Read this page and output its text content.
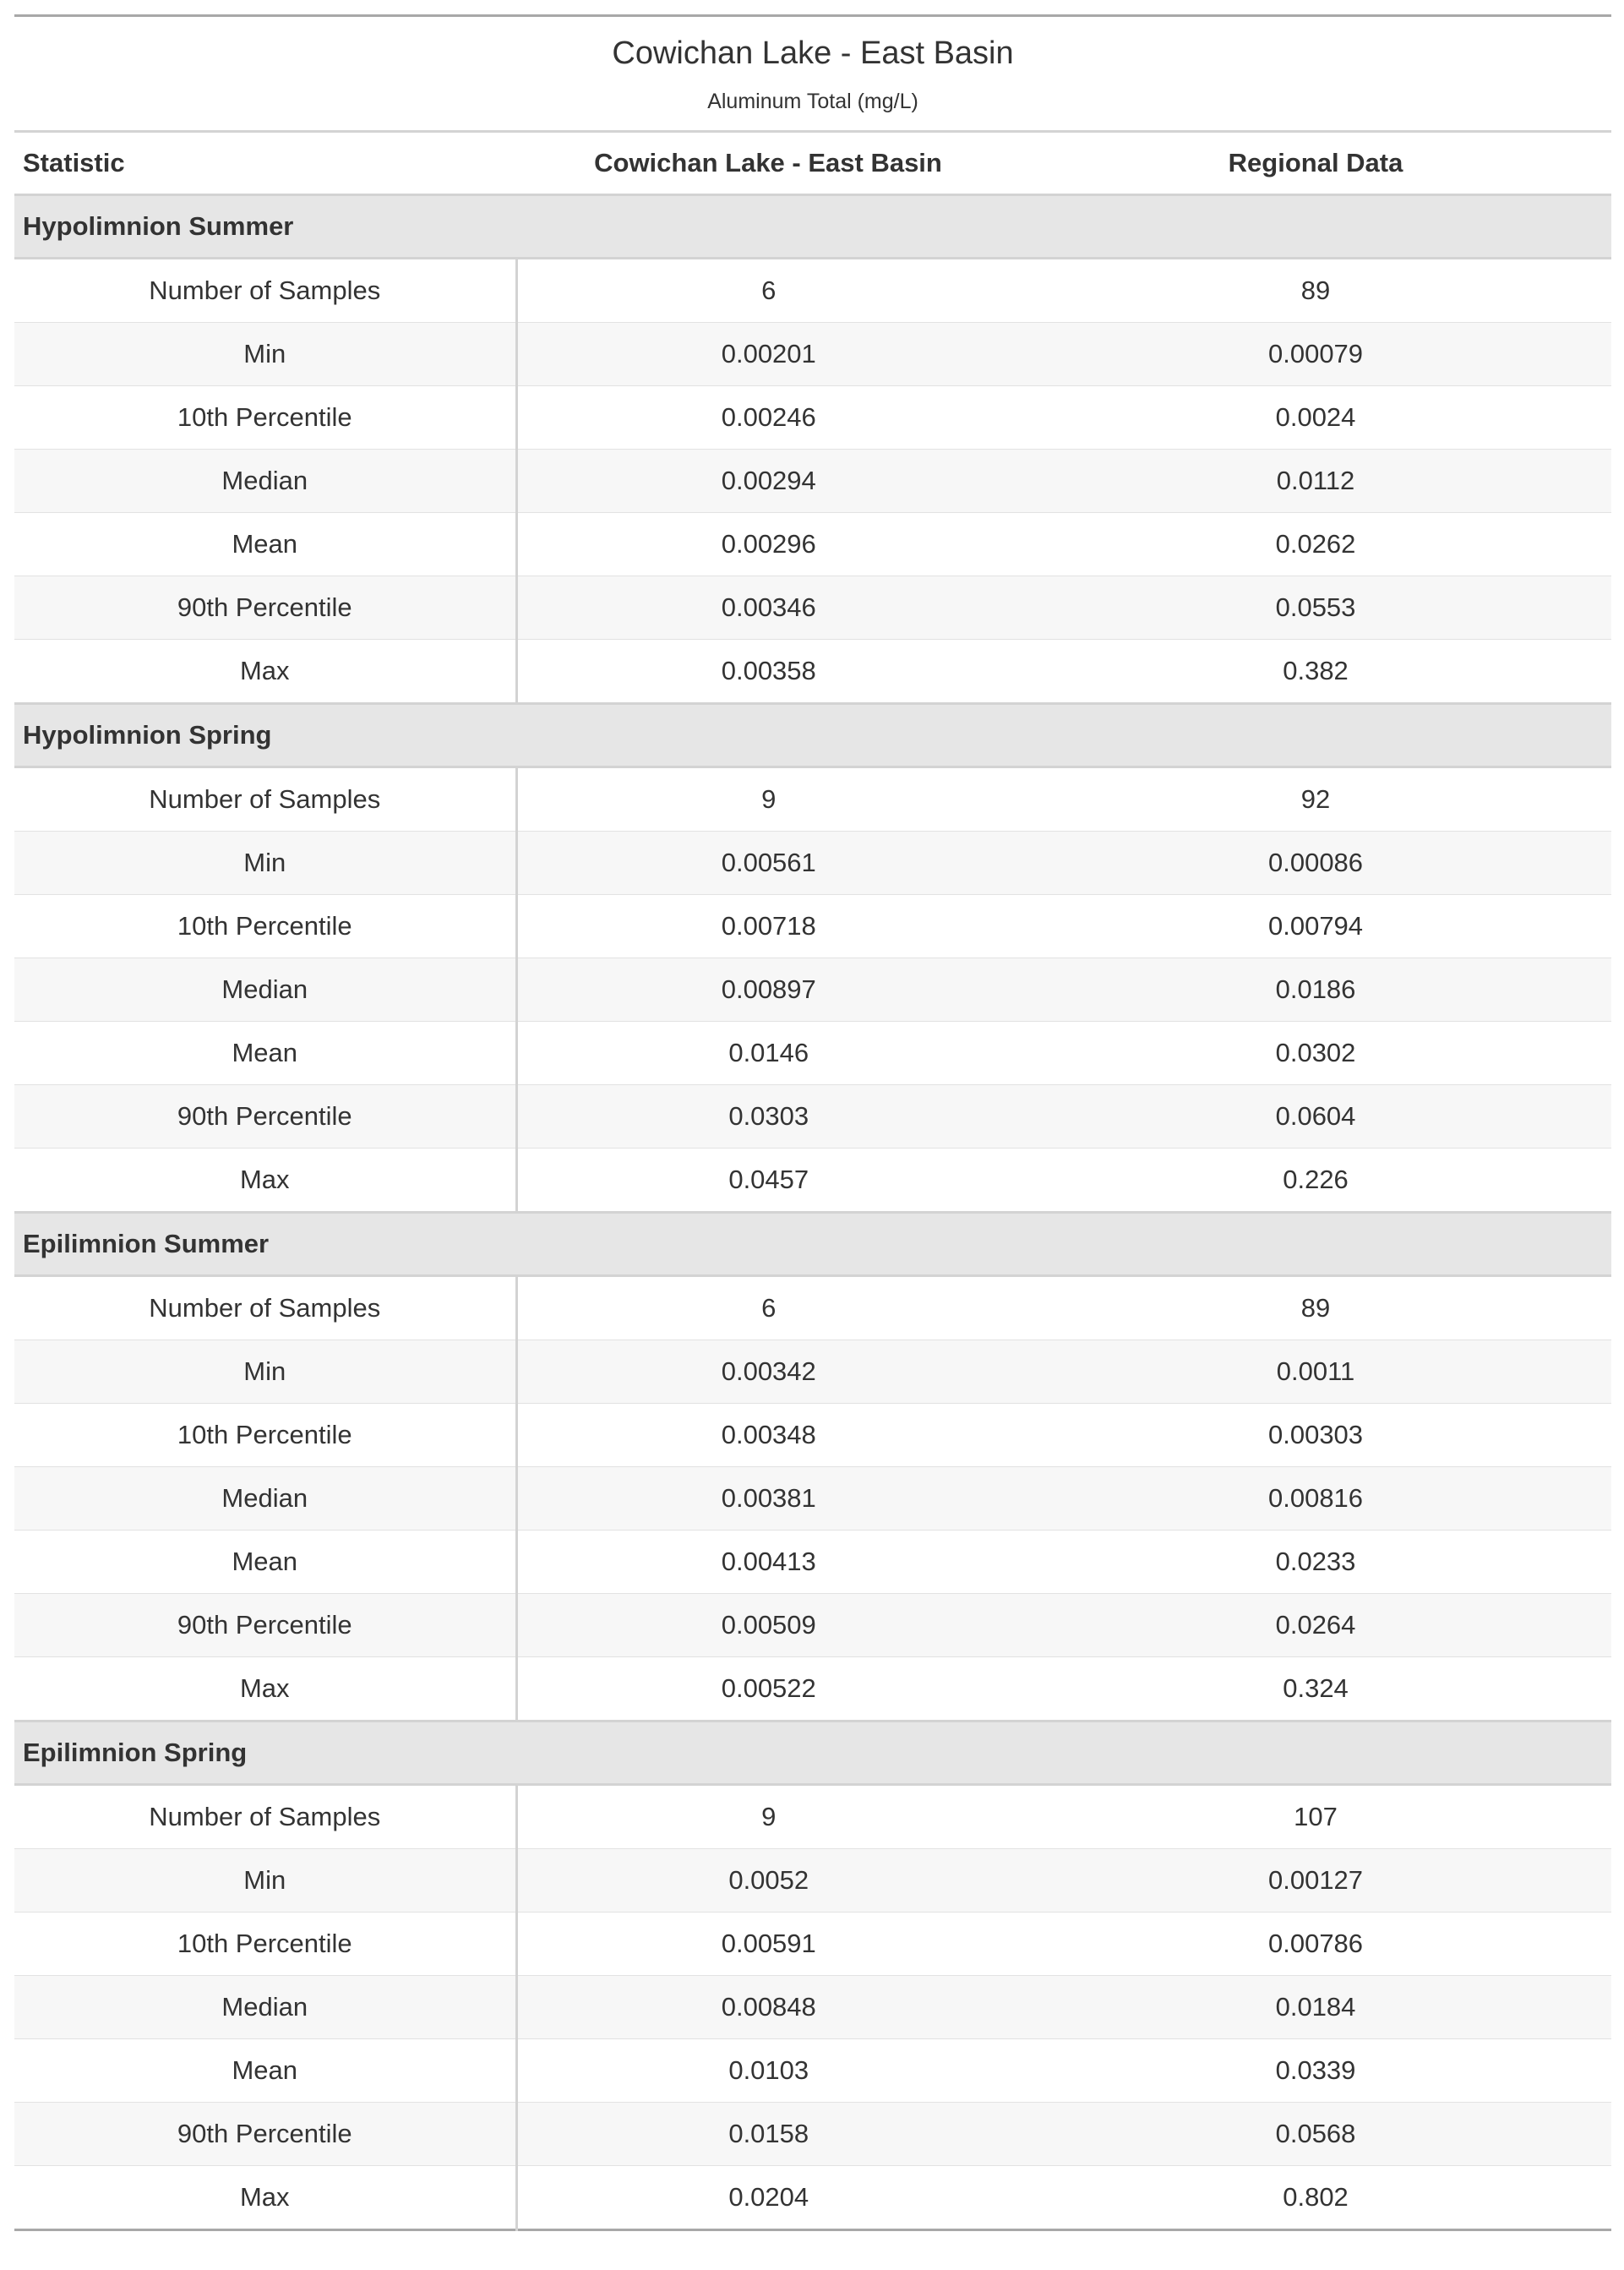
Cowichan Lake - East Basin		
Aluminum Total (mg/L)		
Statistic	Cowichan Lake - East Basin	Regional Data
Hypolimnion Summer		
Number of Samples	6	89
Min	0.00201	0.00079
10th Percentile	0.00246	0.0024
Median	0.00294	0.0112
Mean	0.00296	0.0262
90th Percentile	0.00346	0.0553
Max	0.00358	0.382
Hypolimnion Spring		
Number of Samples	9	92
Min	0.00561	0.00086
10th Percentile	0.00718	0.00794
Median	0.00897	0.0186
Mean	0.0146	0.0302
90th Percentile	0.0303	0.0604
Max	0.0457	0.226
Epilimnion Summer		
Number of Samples	6	89
Min	0.00342	0.0011
10th Percentile	0.00348	0.00303
Median	0.00381	0.00816
Mean	0.00413	0.0233
90th Percentile	0.00509	0.0264
Max	0.00522	0.324
Epilimnion Spring		
Number of Samples	9	107
Min	0.0052	0.00127
10th Percentile	0.00591	0.00786
Median	0.00848	0.0184
Mean	0.0103	0.0339
90th Percentile	0.0158	0.0568
Max	0.0204	0.802
